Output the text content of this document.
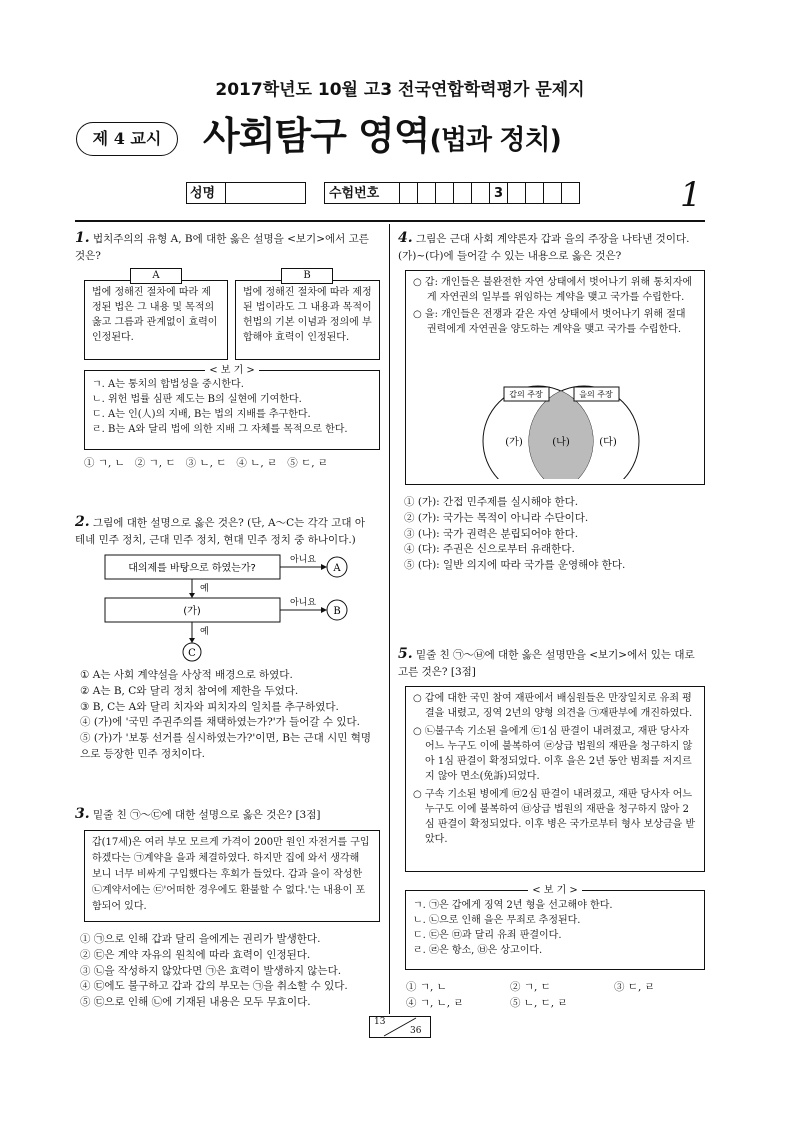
2017학년도 10월 고3 전국연합학력평가 문제지
제 4 교시	사회탐구 영역(법과 정치)
성명	수험번호	3	1
1. 법치주의의 유형 A, B에 대한 옳은 설명을 <보기>에서 고른 것은?
A
법에 정해진 절차에 따라 제정된 법은 그 내용 및 목적의 옳고 그름과 관계없이 효력이 인정된다.
B
법에 정해진 절차에 따라 제정된 법이라도 그 내용과 목적이 헌법의 기본 이념과 정의에 부합해야 효력이 인정된다.
< 보 기 >
ㄱ. A는 통치의 합법성을 중시한다.
ㄴ. 위헌 법률 심판 제도는 B의 실현에 기여한다.
ㄷ. A는 인(人)의 지배, B는 법의 지배를 추구한다.
ㄹ. B는 A와 달리 법에 의한 지배 그 자체를 목적으로 한다.
① ㄱ, ㄴ   ② ㄱ, ㄷ   ③ ㄴ, ㄷ   ④ ㄴ, ㄹ   ⑤ ㄷ, ㄹ
2. 그림에 대한 설명으로 옳은 것은? (단, A～C는 각각 고대 아테네 민주 정치, 근대 민주 정치, 현대 민주 정치 중 하나이다.)
대의제를 바탕으로 하였는가?
(가)
아니요
아니요
예
예
A
B
C
① A는 사회 계약설을 사상적 배경으로 하였다.
② A는 B, C와 달리 정치 참여에 제한을 두었다.
③ B, C는 A와 달리 치자와 피치자의 일치를 추구하였다.
④ (가)에 '국민 주권주의를 채택하였는가?'가 들어갈 수 있다.
⑤ (가)가 '보통 선거를 실시하였는가?'이면, B는 근대 시민 혁명으로 등장한 민주 정치이다.
3. 밑줄 친 ㉠～㉢에 대한 설명으로 옳은 것은? [3점]
갑(17세)은 여러 부모 모르게 가격이 200만 원인 자전거를 구입하겠다는 ㉠계약을 을과 체결하였다. 하지만 집에 와서 생각해 보니 너무 비싸게 구입했다는 후회가 들었다. 갑과 을이 작성한 ㉡계약서에는 ㉢'어떠한 경우에도 환불할 수 없다.'는 내용이 포함되어 있다.
① ㉠으로 인해 갑과 달리 을에게는 권리가 발생한다.
② ㉢은 계약 자유의 원칙에 따라 효력이 인정된다.
③ ㉡을 작성하지 않았다면 ㉠은 효력이 발생하지 않는다.
④ ㉢에도 불구하고 갑과 갑의 부모는 ㉠을 취소할 수 있다.
⑤ ㉢으로 인해 ㉡에 기재된 내용은 모두 무효이다.
4. 그림은 근대 사회 계약론자 갑과 을의 주장을 나타낸 것이다. (가)~(다)에 들어갈 수 있는 내용으로 옳은 것은?
○ 갑: 개인들은 불완전한 자연 상태에서 벗어나기 위해 통치자에게 자연권의 일부를 위임하는 계약을 맺고 국가를 수립한다.
○ 을: 개인들은 전쟁과 같은 자연 상태에서 벗어나기 위해 절대 권력에게 자연권을 양도하는 계약을 맺고 국가를 수립한다.
갑의 주장	을의 주장
(가)	(나)	(다)
① (가): 간접 민주제를 실시해야 한다.
② (가): 국가는 목적이 아니라 수단이다.
③ (나): 국가 권력은 분립되어야 한다.
④ (다): 주권은 신으로부터 유래한다.
⑤ (다): 일반 의지에 따라 국가를 운영해야 한다.
5. 밑줄 친 ㉠～㉥에 대한 옳은 설명만을 <보기>에서 있는 대로 고른 것은? [3점]
○ 갑에 대한 국민 참여 재판에서 배심원들은 만장일치로 유죄 평결을 내렸고, 징역 2년의 양형 의견을 ㉠재판부에 개진하였다.
○ ㉡불구속 기소된 을에게 ㉢1심 판결이 내려졌고, 재판 당사자 어느 누구도 이에 불복하여 ㉣상급 법원의 재판을 청구하지 않아 1심 판결이 확정되었다. 이후 을은 2년 동안 범죄를 저지르지 않아 면소(免訴)되었다.
○ 구속 기소된 병에게 ㉤2심 판결이 내려졌고, 재판 당사자 어느 누구도 이에 불복하여 ㉥상급 법원의 재판을 청구하지 않아 2심 판결이 확정되었다. 이후 병은 국가로부터 형사 보상금을 받았다.
< 보 기 >
ㄱ. ㉠은 갑에게 징역 2년 형을 선고해야 한다.
ㄴ. ㉡으로 인해 을은 무죄로 추정된다.
ㄷ. ㉢은 ㉤과 달리 유죄 판결이다.
ㄹ. ㉣은 항소, ㉥은 상고이다.
① ㄱ, ㄴ	② ㄱ, ㄷ	③ ㄷ, ㄹ
④ ㄱ, ㄴ, ㄹ	⑤ ㄴ, ㄷ, ㄹ
13
36
